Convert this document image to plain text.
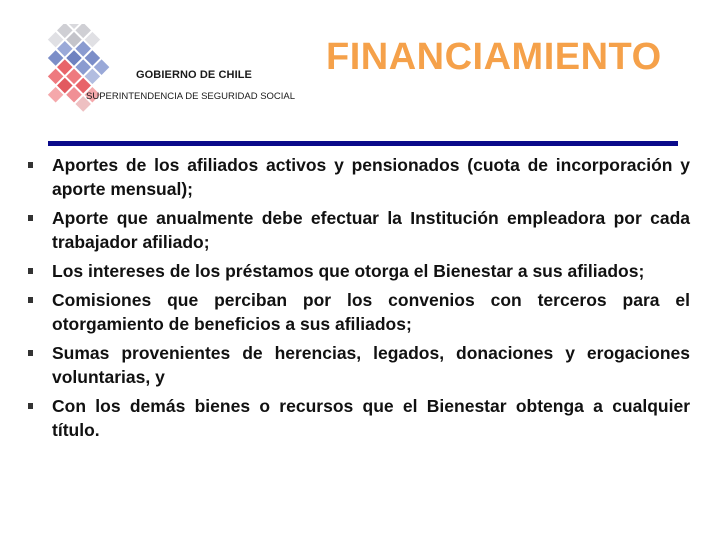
GOBIERNO DE CHILE
SUPERINTENDENCIA DE SEGURIDAD SOCIAL
FINANCIAMIENTO
Aportes de los afiliados activos y pensionados (cuota de incorporación y aporte mensual);
Aporte que anualmente debe efectuar la Institución empleadora por cada trabajador afiliado;
Los intereses de los préstamos que otorga el Bienestar a sus afiliados;
Comisiones que perciban por los convenios con terceros para el otorgamiento de beneficios a sus afiliados;
Sumas provenientes de herencias, legados, donaciones y erogaciones voluntarias, y
Con los demás bienes o recursos que el Bienestar obtenga a cualquier título.
